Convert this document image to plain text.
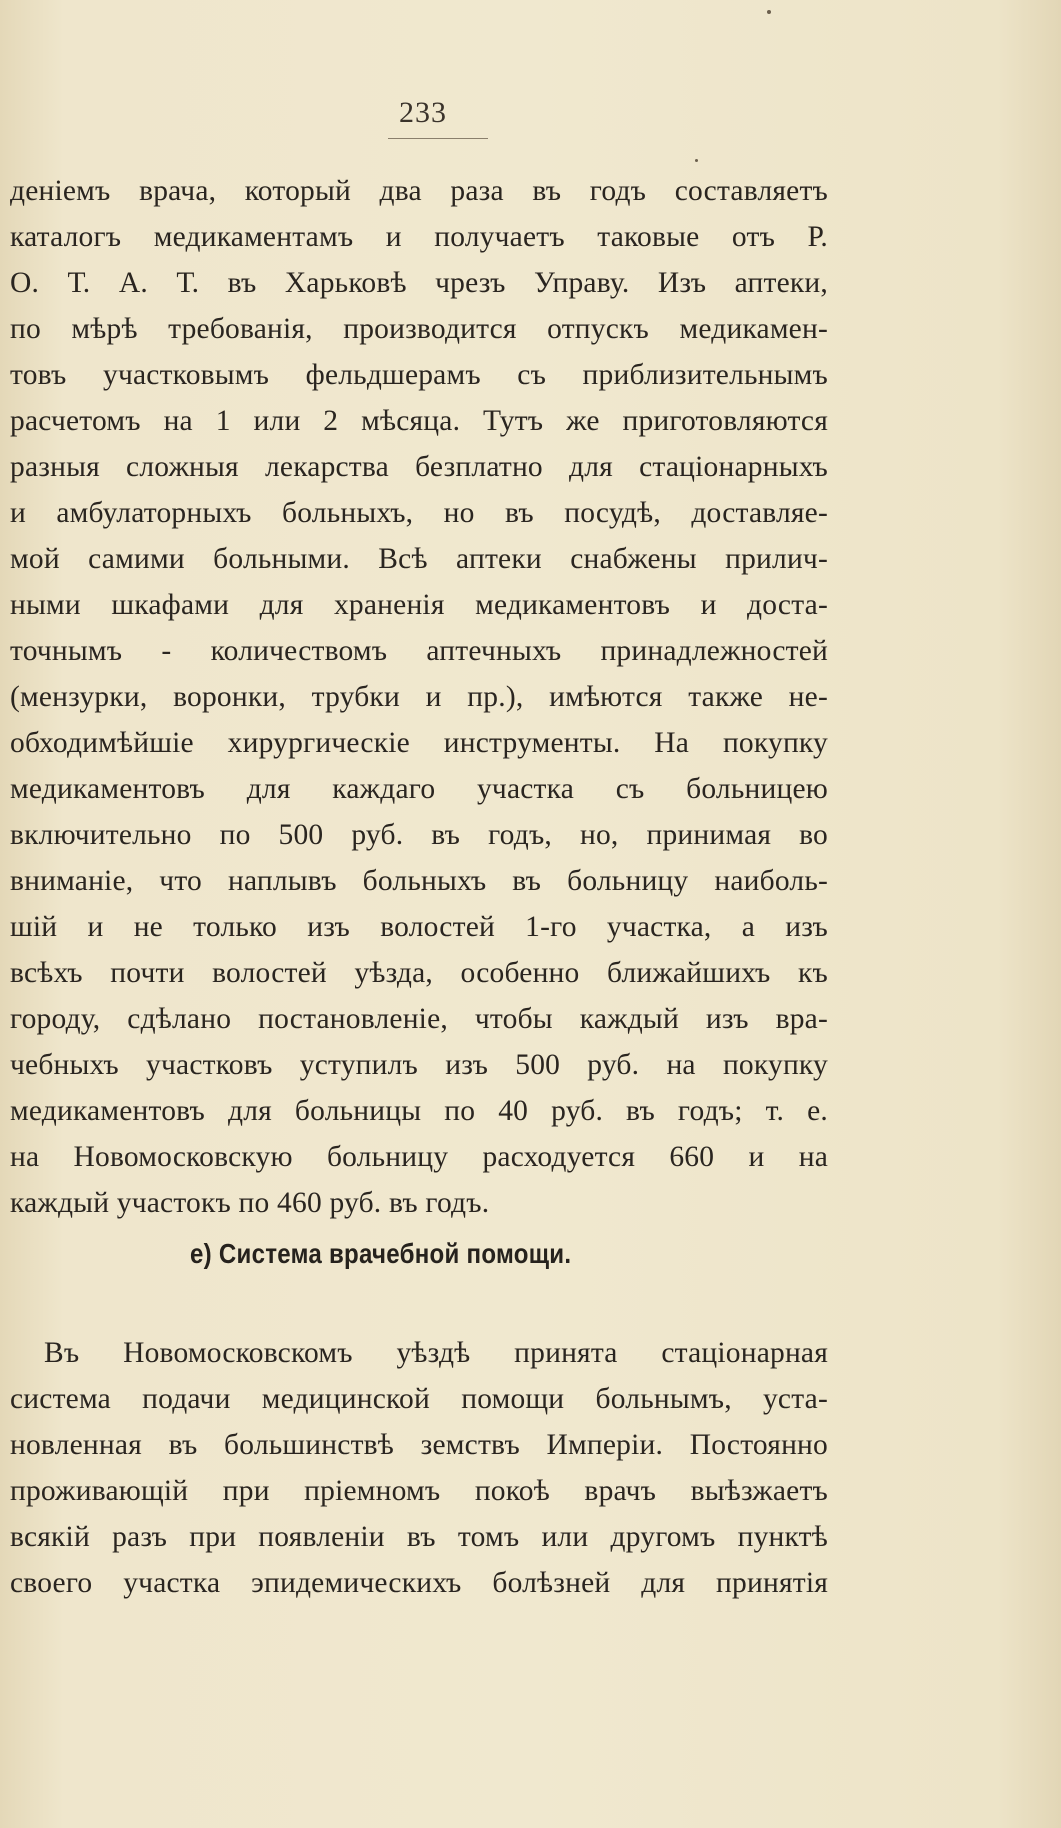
233
деніемъ врача, который два раза въ годъ составляетъ
каталогъ медикаментамъ и получаетъ таковые отъ Р.
О. Т. А. Т. въ Харьковѣ чрезъ Управу. Изъ аптеки,
по мѣрѣ требованія, производится отпускъ медикамен-
товъ участковымъ фельдшерамъ съ приблизительнымъ
расчетомъ на 1 или 2 мѣсяца. Тутъ же приготовляются
разныя сложныя лекарства безплатно для стаціонарныхъ
и амбулаторныхъ больныхъ, но въ посудѣ, доставляе-
мой самими больными. Всѣ аптеки снабжены прилич-
ными шкафами для храненія медикаментовъ и доста-
точнымъ - количествомъ аптечныхъ принадлежностей
(мензурки, воронки, трубки и пр.), имѣются также не-
обходимѣйшіе хирургическіе инструменты. На покупку
медикаментовъ для каждаго участка съ больницею
включительно по 500 руб. въ годъ, но, принимая во
вниманіе, что наплывъ больныхъ въ больницу наиболь-
шій и не только изъ волостей 1-го участка, а изъ
всѣхъ почти волостей уѣзда, особенно ближайшихъ къ
городу, сдѣлано постановленіе, чтобы каждый изъ вра-
чебныхъ участковъ уступилъ изъ 500 руб. на покупку
медикаментовъ для больницы по 40 руб. въ годъ; т. е.
на Новомосковскую больницу расходуется 660 и на
каждый участокъ по 460 руб. въ годъ.
е) Система врачебной помощи.
Въ Новомосковскомъ уѣздѣ принята стаціонарная
система подачи медицинской помощи больнымъ, уста-
новленная въ большинствѣ земствъ Имперіи. Постоянно
проживающій при пріемномъ покоѣ врачъ выѣзжаетъ
всякій разъ при появленіи въ томъ или другомъ пунктѣ
своего участка эпидемическихъ болѣзней для принятія
